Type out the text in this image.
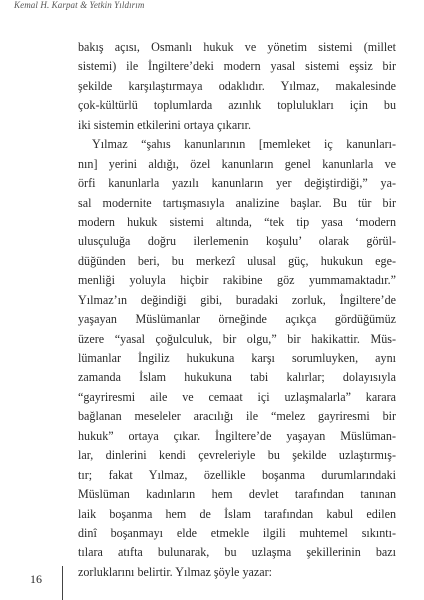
Kemal H. Karpat & Yetkin Yıldırım
bakış açısı, Osmanlı hukuk ve yönetim sistemi (millet
sistemi) ile İngiltere’deki modern yasal sistemi eşsiz bir
şekilde karşılaştırmaya odaklıdır. Yılmaz, makalesinde
çok-kültürlü toplumlarda azınlık toplulukları için bu
iki sistemin etkilerini ortaya çıkarır.
Yılmaz “şahıs kanunlarının [memleket iç kanunları-
nın] yerini aldığı, özel kanunların genel kanunlarla ve
örfi kanunlarla yazılı kanunların yer değiştirdiği,” ya-
sal modernite tartışmasıyla analizine başlar. Bu tür bir
modern hukuk sistemi altında, “tek tip yasa ‘modern
ulusçuluğa doğru ilerlemenin koşulu’ olarak görül-
düğünden beri, bu merkezî ulusal güç, hukukun ege-
menliği yoluyla hiçbir rakibine göz yummamaktadır.”
Yılmaz’ın değindiği gibi, buradaki zorluk, İngiltere’de
yaşayan Müslümanlar örneğinde açıkça gördüğümüz
üzere “yasal çoğulculuk, bir olgu,” bir hakikattir. Müs-
lümanlar İngiliz hukukuna karşı sorumluyken, aynı
zamanda İslam hukukuna tabi kalırlar; dolayısıyla
“gayriresmi aile ve cemaat içi uzlaşmalarla” karara
bağlanan meseleler aracılığı ile “melez gayriresmi bir
hukuk” ortaya çıkar. İngiltere’de yaşayan Müslüman-
lar, dinlerini kendi çevreleriyle bu şekilde uzlaştırmış-
tır; fakat Yılmaz, özellikle boşanma durumlarındaki
Müslüman kadınların hem devlet tarafından tanınan
laik boşanma hem de İslam tarafından kabul edilen
dinî boşanmayı elde etmekle ilgili muhtemel sıkıntı-
tılara atıfta bulunarak, bu uzlaşma şekillerinin bazı
zorluklarını belirtir. Yılmaz şöyle yazar:
16
